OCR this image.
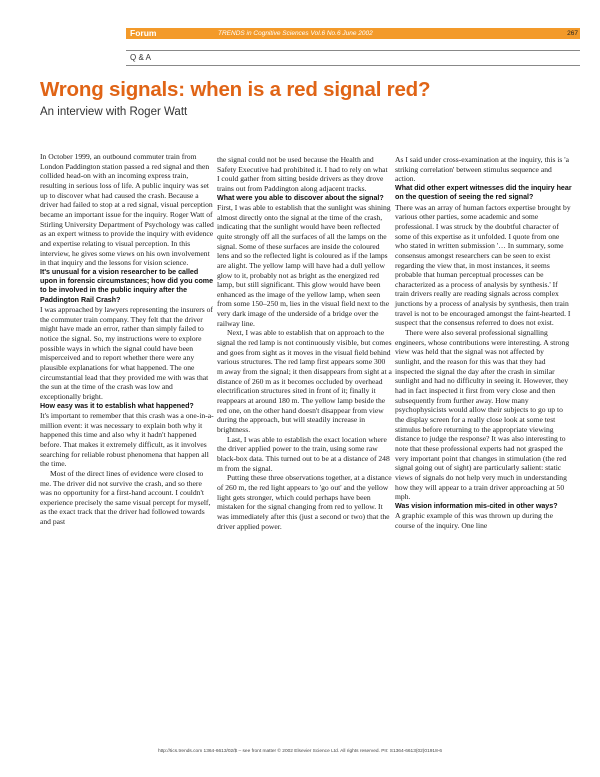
Forum	TRENDS in Cognitive Sciences Vol.6 No.6 June 2002	267
Q & A
Wrong signals: when is a red signal red?
An interview with Roger Watt

In October 1999, an outbound commuter train from London Paddington station passed a red signal and then collided head-on with an incoming express train, resulting in serious loss of life. A public inquiry was set up to discover what had caused the crash. Because a driver had failed to stop at a red signal, visual perception became an important issue for the inquiry. Roger Watt of Stirling University Department of Psychology was called as an expert witness to provide the inquiry with evidence and expertise relating to visual perception. In this interview, he gives some views on his own involvement in that inquiry and the lessons for vision science.

It's unusual for a vision researcher to be called upon in forensic circumstances; how did you come to be involved in the public inquiry after the Paddington Rail Crash?

I was approached by lawyers representing the insurers of the commuter train company. They felt that the driver might have made an error, rather than simply failed to notice the signal. So, my instructions were to explore possible ways in which the signal could have been misperceived and to report whether there were any plausible explanations for what happened. The one circumstantial lead that they provided me with was that the sun at the time of the crash was low and exceptionally bright.

How easy was it to establish what happened?

It's important to remember that this crash was a one-in-a-million event: it was necessary to explain both why it happened this time and also why it hadn't happened before. That makes it extremely difficult, as it involves searching for reliable robust phenomena that happen all the time.

Most of the direct lines of evidence were closed to me. The driver did not survive the crash, and so there was no opportunity for a first-hand account. I couldn't experience precisely the same visual percept for myself, as the exact track that the driver had followed towards and past

the signal could not be used because the Health and Safety Executive had prohibited it. I had to rely on what I could gather from sitting beside drivers as they drove trains out from Paddington along adjacent tracks.

What were you able to discover about the signal?

First, I was able to establish that the sunlight was shining almost directly onto the signal at the time of the crash, indicating that the sunlight would have been reflected quite strongly off all the surfaces of all the lamps on the signal. Some of these surfaces are inside the coloured lens and so the reflected light is coloured as if the lamps are alight. The yellow lamp will have had a dull yellow glow to it, probably not as bright as the energized red lamp, but still significant. This glow would have been enhanced as the image of the yellow lamp, when seen from some 150–250 m, lies in the visual field next to the very dark image of the underside of a bridge over the railway line.

Next, I was able to establish that on approach to the signal the red lamp is not continuously visible, but comes and goes from sight as it moves in the visual field behind various structures. The red lamp first appears some 300 m away from the signal; it then disappears from sight at a distance of 260 m as it becomes occluded by overhead electrification structures sited in front of it; finally it reappears at around 180 m. The yellow lamp beside the red one, on the other hand doesn't disappear from view during the approach, but will steadily increase in brightness.

Last, I was able to establish the exact location where the driver applied power to the train, using some raw black-box data. This turned out to be at a distance of 248 m from the signal.

Putting these three observations together, at a distance of 260 m, the red light appears to 'go out' and the yellow light gets stronger, which could perhaps have been mistaken for the signal changing from red to yellow. It was immediately after this (just a second or two) that the driver applied power.

As I said under cross-examination at the inquiry, this is 'a striking correlation' between stimulus sequence and action.

What did other expert witnesses did the inquiry hear on the question of seeing the red signal?

There was an array of human factors expertise brought by various other parties, some academic and some professional. I was struck by the doubtful character of some of this expertise as it unfolded. I quote from one who stated in written submission '… In summary, some consensus amongst researchers can be seen to exist regarding the view that, in most instances, it seems probable that human perceptual processes can be characterized as a process of analysis by synthesis.' If train drivers really are reading signals across complex junctions by a process of analysis by synthesis, then train travel is not to be encouraged amongst the faint-hearted. I suspect that the consensus referred to does not exist.

There were also several professional signalling engineers, whose contributions were interesting. A strong view was held that the signal was not affected by sunlight, and the reason for this was that they had inspected the signal the day after the crash in similar sunlight and had no difficulty in seeing it. However, they had in fact inspected it first from very close and then subsequently from further away. How many psychophysicists would allow their subjects to go up to the display screen for a really close look at some test stimulus before returning to the appropriate viewing distance to judge the response? It was also interesting to note that these professional experts had not grasped the very important point that changes in stimulation (the red signal going out of sight) are particularly salient: static views of signals do not help very much in understanding how they will appear to a train driver approaching at 50 mph.

Was vision information mis-cited in other ways?

A graphic example of this was thrown up during the course of the inquiry. One line

http://tics.trends.com 1364-6613/02/$ – see front matter © 2002 Elsevier Science Ltd. All rights reserved. PII: S1364-6613(02)01918-6
